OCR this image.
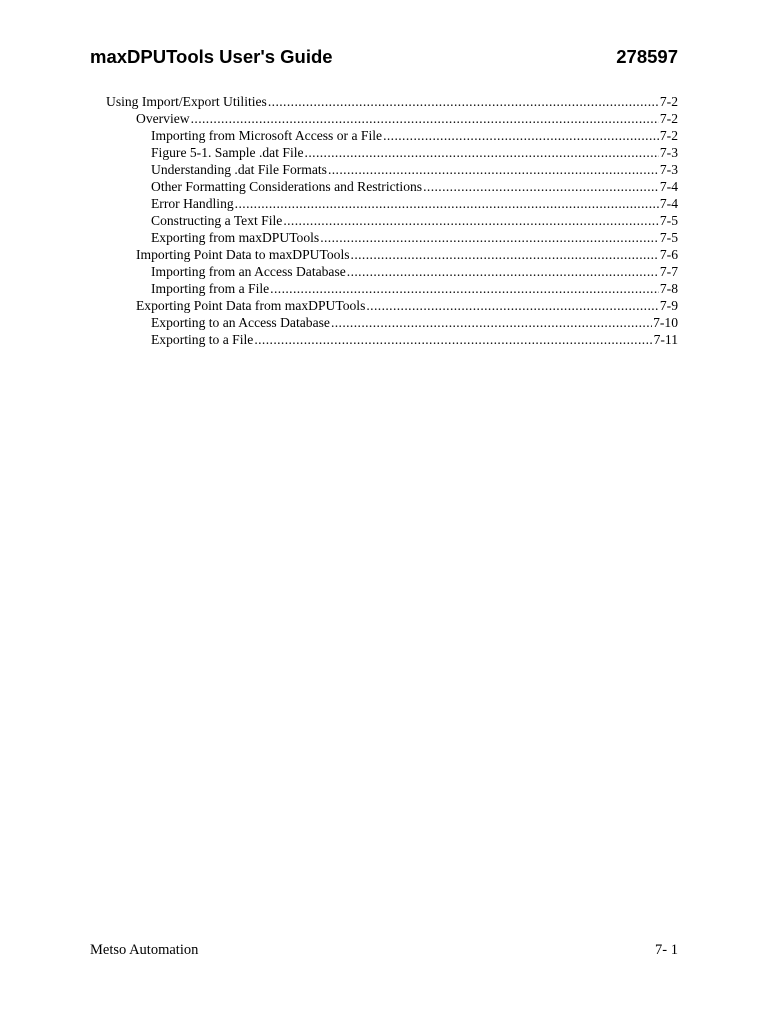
maxDPUTools User's Guide	278597
Using Import/Export Utilities .....	7-2
Overview .....	7-2
Importing from Microsoft Access or a File .....	7-2
Figure 5-1. Sample .dat File .....	7-3
Understanding .dat File Formats .....	7-3
Other Formatting Considerations and Restrictions .....	7-4
Error Handling .....	7-4
Constructing a Text File .....	7-5
Exporting from maxDPUTools .....	7-5
Importing Point Data to maxDPUTools .....	7-6
Importing from an Access Database .....	7-7
Importing from a File .....	7-8
Exporting Point Data from maxDPUTools .....	7-9
Exporting to an Access Database .....	7-10
Exporting to a File .....	7-11
Metso Automation	7- 1
